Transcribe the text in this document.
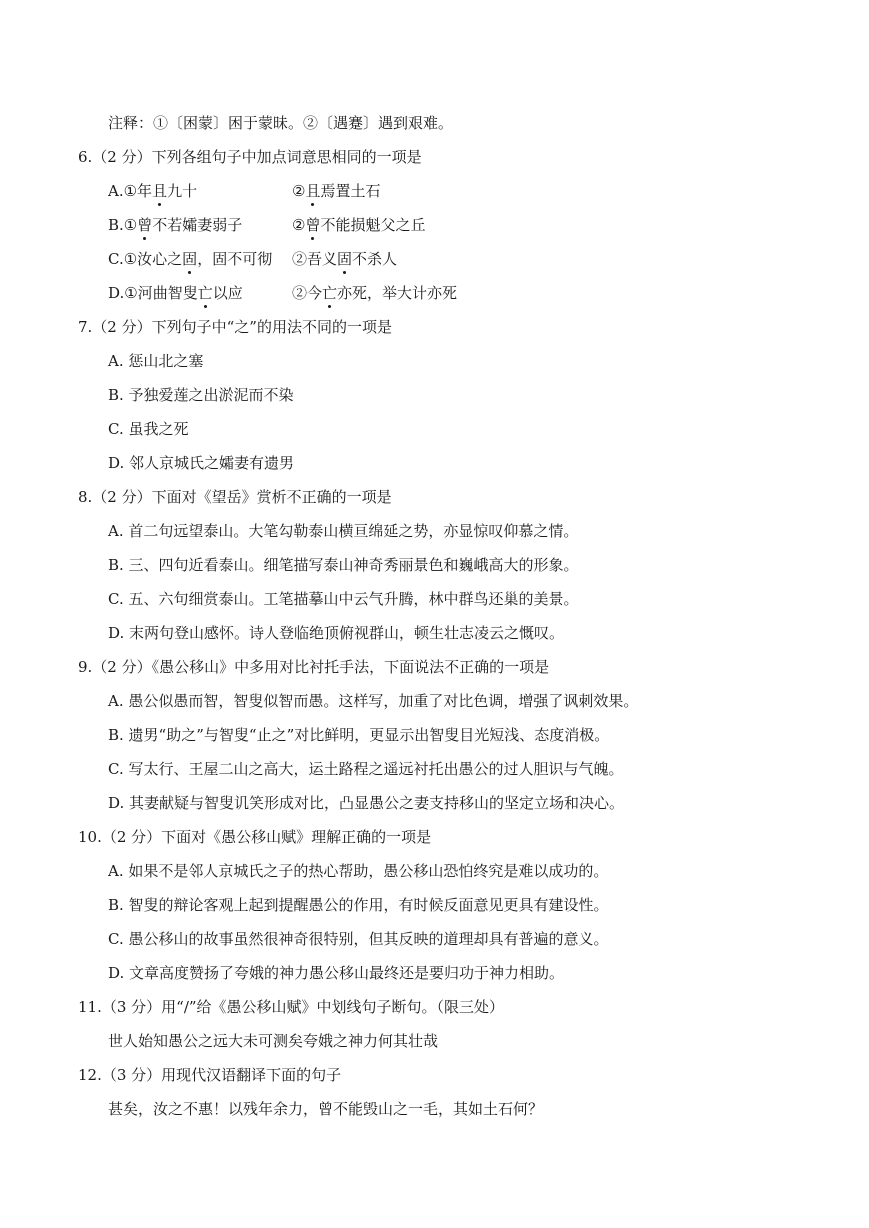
注释：①〔困蒙〕困于蒙昧。②〔遇蹇〕遇到艰难。
6.（2 分）下列各组句子中加点词意思相同的一项是
A.①年且九十	②且焉置土石
B.①曾不若孀妻弱子	②曾不能损魁父之丘
C.①汝心之固，固不可彻 ②吾义固不杀人
D.①河曲智叟亡以应	②今亡亦死，举大计亦死
7.（2 分）下列句子中“之”的用法不同的一项是
A. 惩山北之塞
B. 予独爱莲之出淤泥而不染
C. 虽我之死
D. 邻人京城氏之孀妻有遗男
8.（2 分）下面对《望岳》赏析不正确的一项是
A. 首二句远望泰山。大笔勾勒泰山横亘绵延之势，亦显惊叹仰慕之情。
B. 三、四句近看泰山。细笔描写泰山神奇秀丽景色和巍峨高大的形象。
C. 五、六句细赏泰山。工笔描摹山中云气升腾，林中群鸟还巢的美景。
D. 末两句登山感怀。诗人登临绝顶俯视群山，顿生壮志凌云之慨叹。
9.（2 分）《愚公移山》中多用对比衬托手法，下面说法不正确的一项是
A. 愚公似愚而智，智叟似智而愚。这样写，加重了对比色调，增强了讽刺效果。
B. 遗男“助之”与智叟“止之”对比鲜明，更显示出智叟目光短浅、态度消极。
C. 写太行、王屋二山之高大，运土路程之遥远衬托出愚公的过人胆识与气魄。
D. 其妻献疑与智叟讥笑形成对比，凸显愚公之妻支持移山的坚定立场和决心。
10.（2 分）下面对《愚公移山赋》理解正确的一项是
A. 如果不是邻人京城氏之子的热心帮助，愚公移山恐怕终究是难以成功的。
B. 智叟的辩论客观上起到提醒愚公的作用，有时候反面意见更具有建设性。
C. 愚公移山的故事虽然很神奇很特别，但其反映的道理却具有普遍的意义。
D. 文章高度赞扬了夸娥的神力愚公移山最终还是要归功于神力相助。
11.（3 分）用“/”给《愚公移山赋》中划线句子断句。（限三处）
世人始知愚公之远大未可测矣夸娥之神力何其壮哉
12.（3 分）用现代汉语翻译下面的句子
甚矣，汝之不惠！以残年余力，曾不能毁山之一毛，其如土石何？
